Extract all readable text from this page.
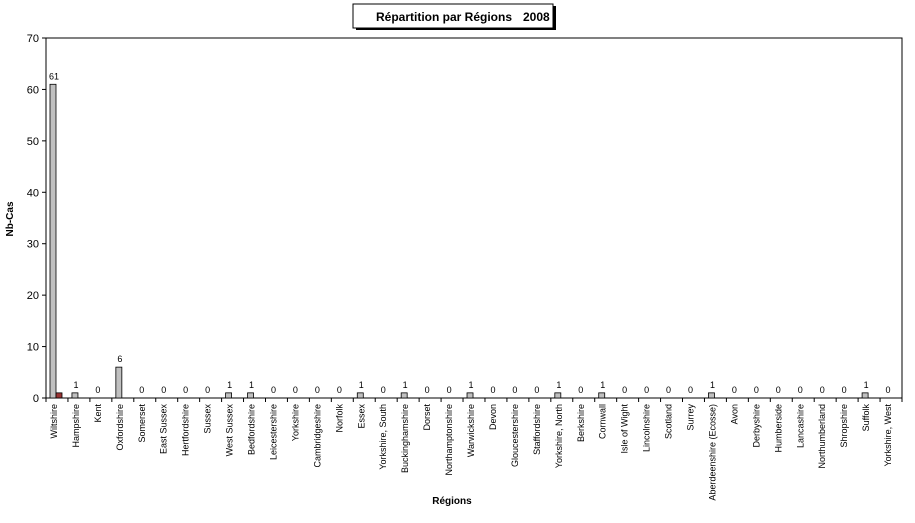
Répartition par Régions 2008
Nb-Cas
Régions
0
10
20
30
40
50
60
70
61
Wiltshire
1
Hampshire
0
Kent
6
Oxfordshire
0
Somerset
0
East Sussex
0
Hertfordshire
0
Sussex
1
West Sussex
1
Bedfordshire
0
Leicestershire
0
Yorkshire
0
Cambridgeshire
0
Norfolk
1
Essex
0
Yorkshire, South
1
Buckinghamshire
0
Dorset
0
Northamptonshire
1
Warwickshire
0
Devon
0
Gloucestershire
0
Staffordshire
1
Yorkshire, North
0
Berkshire
1
Cornwall
0
Isle of Wight
0
Lincolnshire
0
Scotland
0
Surrey
1
Aberdeenshire (Ecosse)
0
Avon
0
Derbyshire
0
Humberside
0
Lancashire
0
Northumberland
0
Shropshire
1
Suffolk
0
Yorkshire, West
